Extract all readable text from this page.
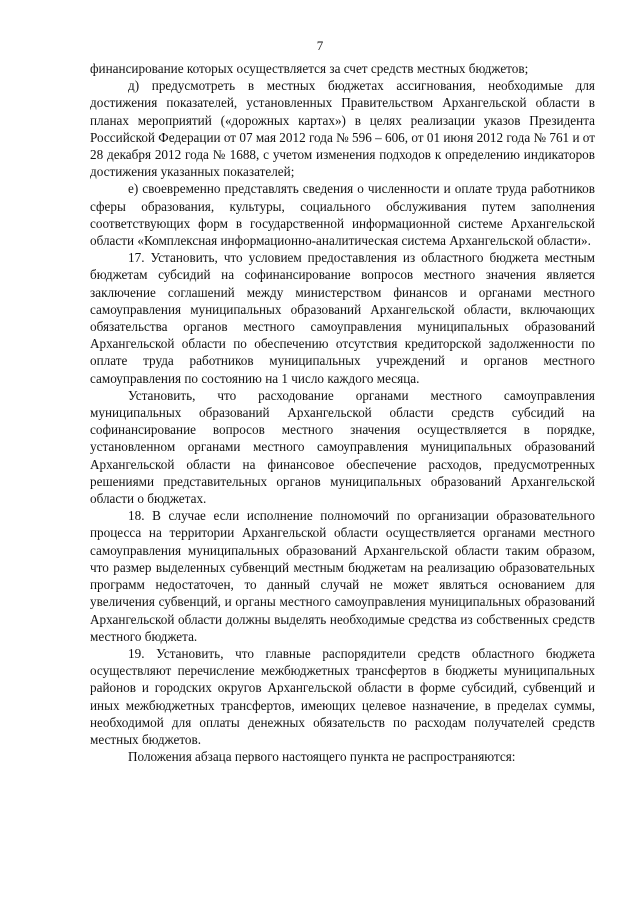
7

финансирование которых осуществляется за счет средств местных бюджетов;

д) предусмотреть в местных бюджетах ассигнования, необходимые для достижения показателей, установленных Правительством Архангельской области в планах мероприятий («дорожных картах») в целях реализации указов Президента Российской Федерации от 07 мая 2012 года № 596 – 606, от 01 июня 2012 года № 761 и от 28 декабря 2012 года № 1688, с учетом изменения подходов к определению индикаторов достижения указанных показателей;

е) своевременно представлять сведения о численности и оплате труда работников сферы образования, культуры, социального обслуживания путем заполнения соответствующих форм в государственной информационной системе Архангельской области «Комплексная информационно-аналитическая система Архангельской области».

17. Установить, что условием предоставления из областного бюджета местным бюджетам субсидий на софинансирование вопросов местного значения является заключение соглашений между министерством финансов и органами местного самоуправления муниципальных образований Архангельской области, включающих обязательства органов местного самоуправления муниципальных образований Архангельской области по обеспечению отсутствия кредиторской задолженности по оплате труда работников муниципальных учреждений и органов местного самоуправления по состоянию на 1 число каждого месяца.

Установить, что расходование органами местного самоуправления муниципальных образований Архангельской области средств субсидий на софинансирование вопросов местного значения осуществляется в порядке, установленном органами местного самоуправления муниципальных образований Архангельской области на финансовое обеспечение расходов, предусмотренных решениями представительных органов муниципальных образований Архангельской области о бюджетах.

18. В случае если исполнение полномочий по организации образовательного процесса на территории Архангельской области осуществляется органами местного самоуправления муниципальных образований Архангельской области таким образом, что размер выделенных субвенций местным бюджетам на реализацию образовательных программ недостаточен, то данный случай не может являться основанием для увеличения субвенций, и органы местного самоуправления муниципальных образований Архангельской области должны выделять необходимые средства из собственных средств местного бюджета.

19. Установить, что главные распорядители средств областного бюджета осуществляют перечисление межбюджетных трансфертов в бюджеты муниципальных районов и городских округов Архангельской области в форме субсидий, субвенций и иных межбюджетных трансфертов, имеющих целевое назначение, в пределах суммы, необходимой для оплаты денежных обязательств по расходам получателей средств местных бюджетов.

Положения абзаца первого настоящего пункта не распространяются:
